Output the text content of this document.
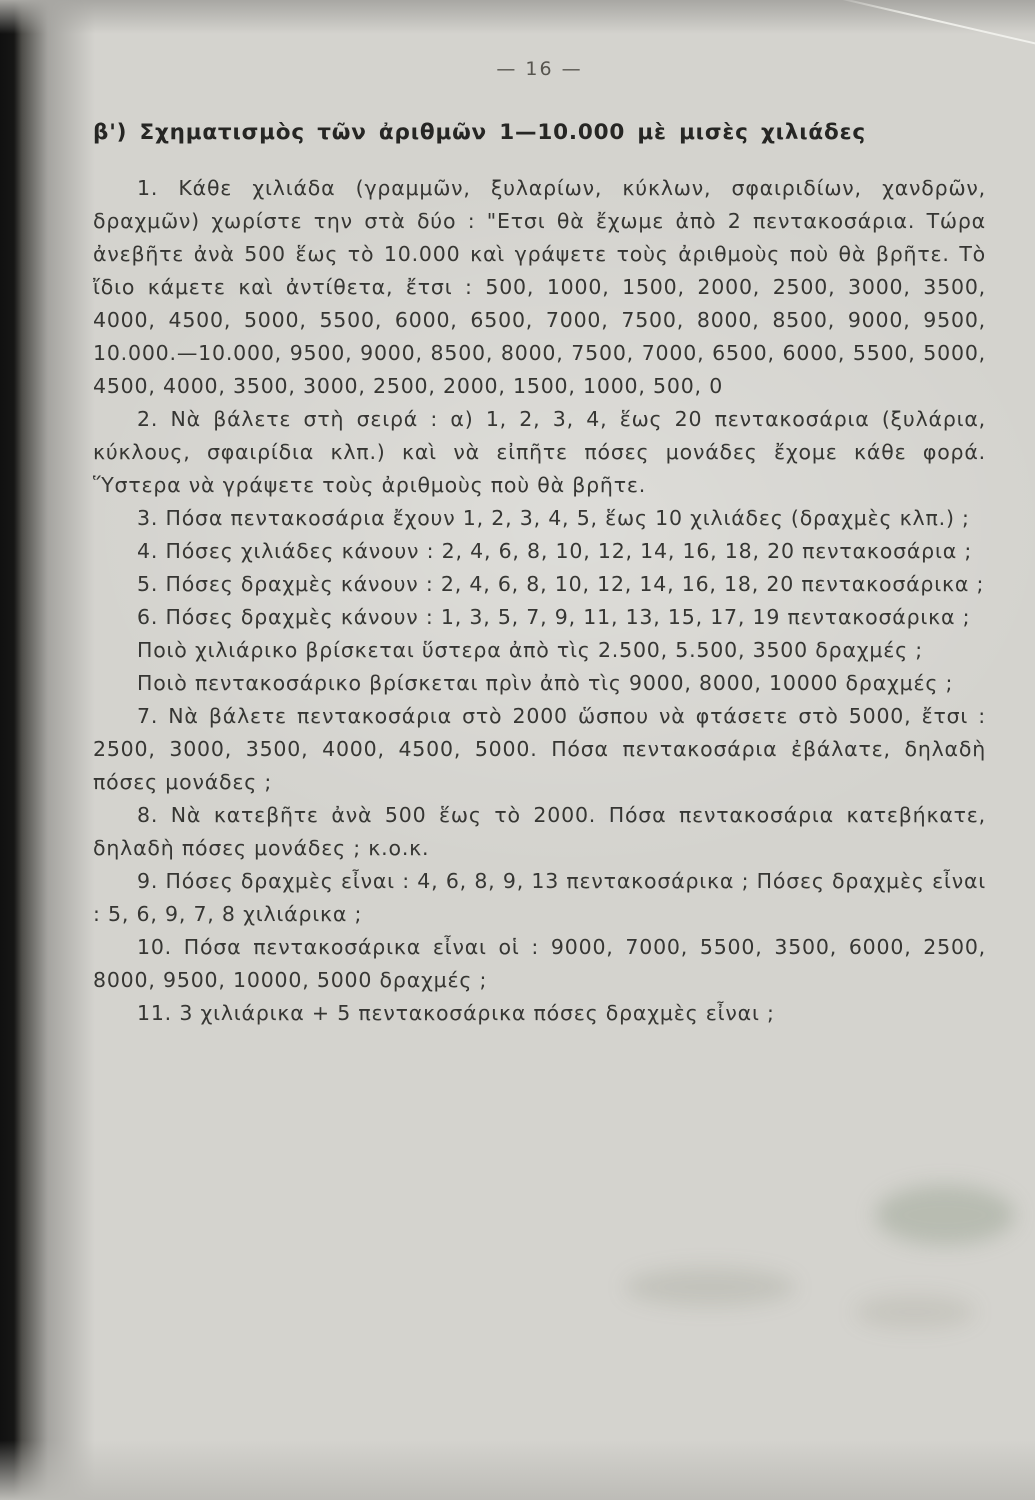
— 16 —
β') Σχηματισμὸς τῶν ἀριθμῶν 1—10.000 μὲ μισὲς χιλιάδες

1. Κάθε χιλιάδα (γραμμῶν, ξυλαρίων, κύκλων, σφαιριδίων, χανδρῶν, δραχμῶν) χωρίστε την στὰ δύο : "Ετσι θὰ ἔχωμε ἀπὸ 2 πεντακοσάρια. Τώρα ἀνεβῆτε ἀνὰ 500 ἕως τὸ 10.000 καὶ γράψετε τοὺς ἀριθμοὺς ποὺ θὰ βρῆτε. Τὸ ἴδιο κάμετε καὶ ἀντίθετα, ἔτσι : 500, 1000, 1500, 2000, 2500, 3000, 3500, 4000, 4500, 5000, 5500, 6000, 6500, 7000, 7500, 8000, 8500, 9000, 9500, 10.000.—10.000, 9500, 9000, 8500, 8000, 7500, 7000, 6500, 6000, 5500, 5000, 4500, 4000, 3500, 3000, 2500, 2000, 1500, 1000, 500, 0

2. Νὰ βάλετε στὴ σειρά : α) 1, 2, 3, 4, ἕως 20 πεντακοσάρια (ξυλάρια, κύκλους, σφαιρίδια κλπ.) καὶ νὰ εἰπῆτε πόσες μονάδες ἔχομε κάθε φορά. Ὕστερα νὰ γράψετε τοὺς ἀριθμοὺς ποὺ θὰ βρῆτε.

3. Πόσα πεντακοσάρια ἔχουν 1, 2, 3, 4, 5, ἕως 10 χιλιάδες (δραχμὲς κλπ.) ;

4. Πόσες χιλιάδες κάνουν : 2, 4, 6, 8, 10, 12, 14, 16, 18, 20 πεντακοσάρια ;

5. Πόσες δραχμὲς κάνουν : 2, 4, 6, 8, 10, 12, 14, 16, 18, 20 πεντακοσάρικα ;

6. Πόσες δραχμὲς κάνουν : 1, 3, 5, 7, 9, 11, 13, 15, 17, 19 πεντακοσάρικα ;

Ποιὸ χιλιάρικο βρίσκεται ὕστερα ἀπὸ τὶς 2.500, 5.500, 3500 δραχμές ;

Ποιὸ πεντακοσάρικο βρίσκεται πρὶν ἀπὸ τὶς 9000, 8000, 10000 δραχμές ;

7. Νὰ βάλετε πεντακοσάρια στὸ 2000 ὥσπου νὰ φτάσετε στὸ 5000, ἔτσι : 2500, 3000, 3500, 4000, 4500, 5000. Πόσα πεντακοσάρια ἐβάλατε, δηλαδὴ πόσες μονάδες ;

8. Νὰ κατεβῆτε ἀνὰ 500 ἕως τὸ 2000. Πόσα πεντακοσάρια κατεβήκατε, δηλαδὴ πόσες μονάδες ; κ.ο.κ.

9. Πόσες δραχμὲς εἶναι : 4, 6, 8, 9, 13 πεντακοσάρικα ; Πόσες δραχμὲς εἶναι : 5, 6, 9, 7, 8 χιλιάρικα ;

10. Πόσα πεντακοσάρικα εἶναι οἱ : 9000, 7000, 5500, 3500, 6000, 2500, 8000, 9500, 10000, 5000 δραχμές ;

11. 3 χιλιάρικα + 5 πεντακοσάρικα πόσες δραχμὲς εἶναι ;
